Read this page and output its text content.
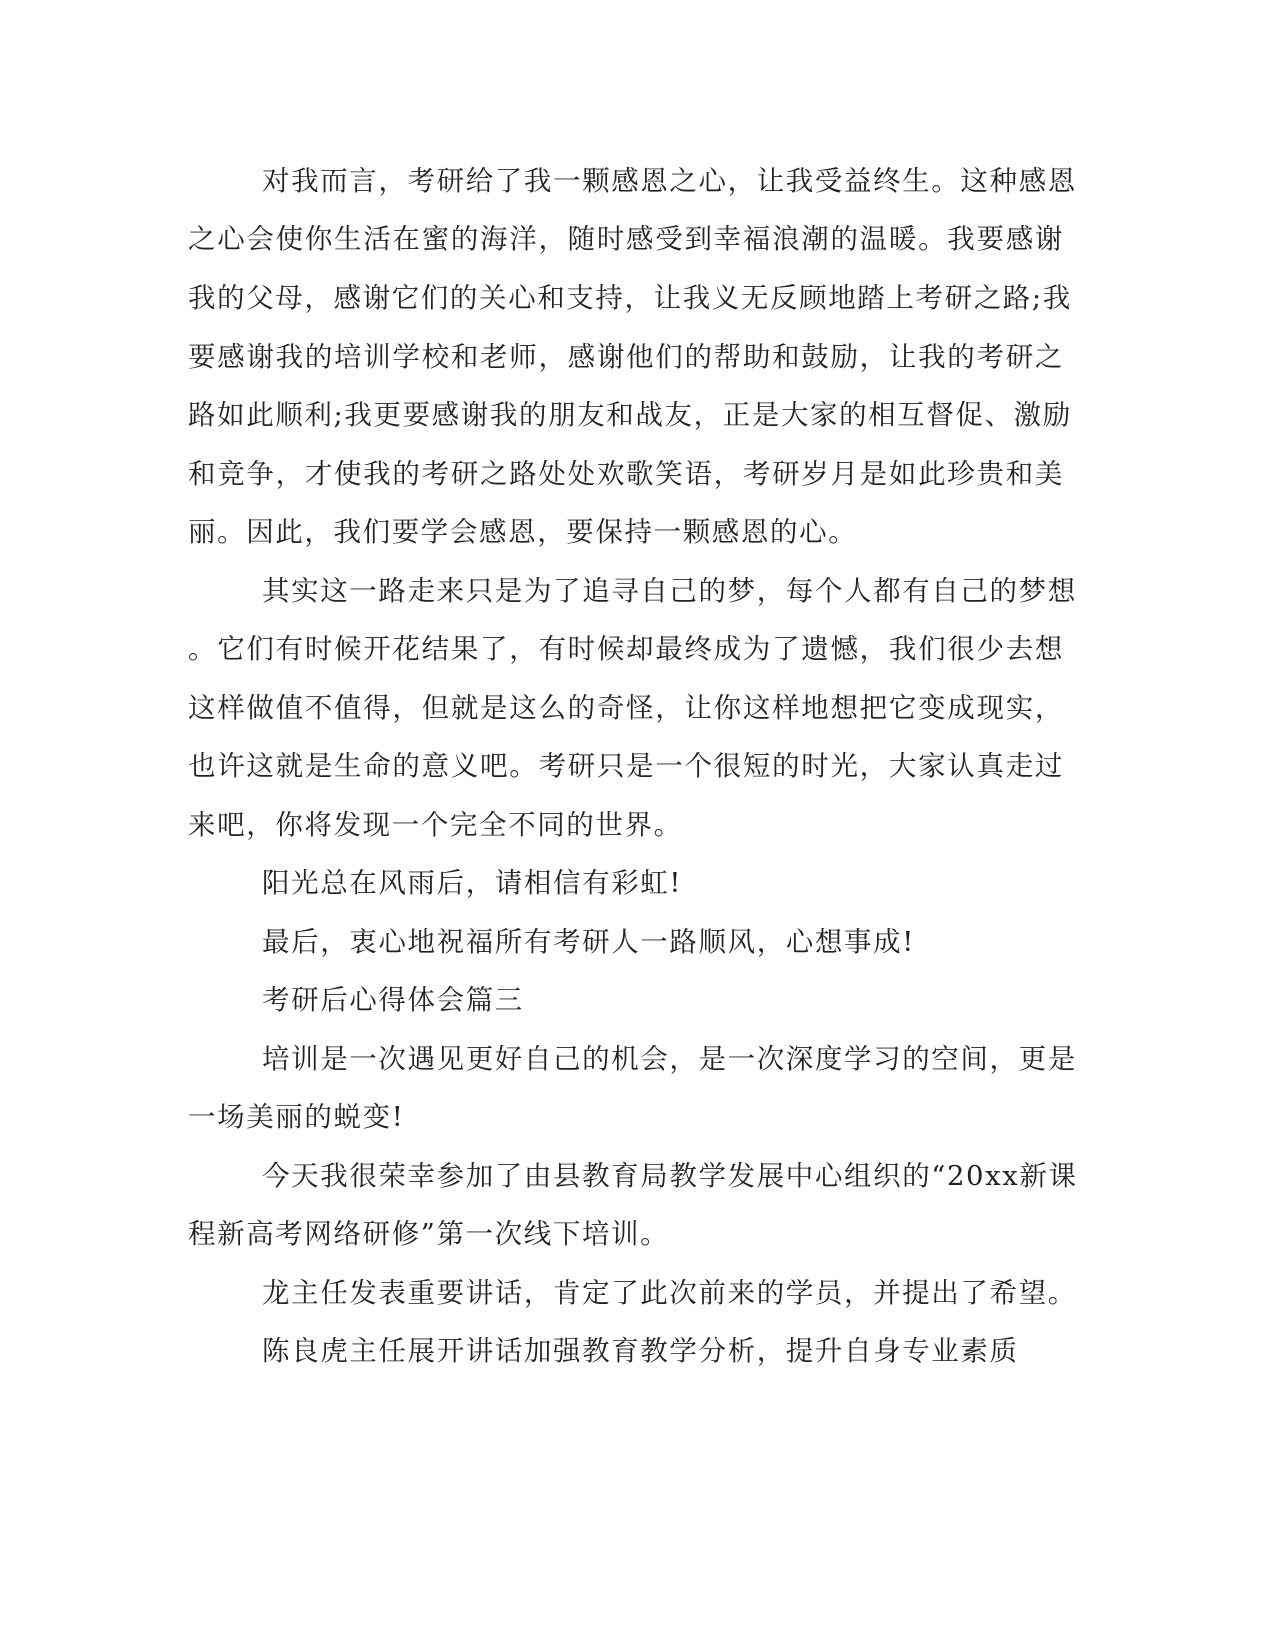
对我而言，考研给了我一颗感恩之心，让我受益终生。这种感恩
之心会使你生活在蜜的海洋，随时感受到幸福浪潮的温暖。我要感谢
我的父母，感谢它们的关心和支持，让我义无反顾地踏上考研之路;我
要感谢我的培训学校和老师，感谢他们的帮助和鼓励，让我的考研之
路如此顺利;我更要感谢我的朋友和战友，正是大家的相互督促、激励
和竞争，才使我的考研之路处处欢歌笑语，考研岁月是如此珍贵和美
丽。因此，我们要学会感恩，要保持一颗感恩的心。
其实这一路走来只是为了追寻自己的梦，每个人都有自己的梦想
。它们有时候开花结果了，有时候却最终成为了遗憾，我们很少去想
这样做值不值得，但就是这么的奇怪，让你这样地想把它变成现实，
也许这就是生命的意义吧。考研只是一个很短的时光，大家认真走过
来吧，你将发现一个完全不同的世界。
阳光总在风雨后，请相信有彩虹!
最后，衷心地祝福所有考研人一路顺风，心想事成!
考研后心得体会篇三
培训是一次遇见更好自己的机会，是一次深度学习的空间，更是
一场美丽的蜕变!
今天我很荣幸参加了由县教育局教学发展中心组织的“20xx新课
程新高考网络研修”第一次线下培训。
龙主任发表重要讲话，肯定了此次前来的学员，并提出了希望。
陈良虎主任展开讲话加强教育教学分析，提升自身专业素质
